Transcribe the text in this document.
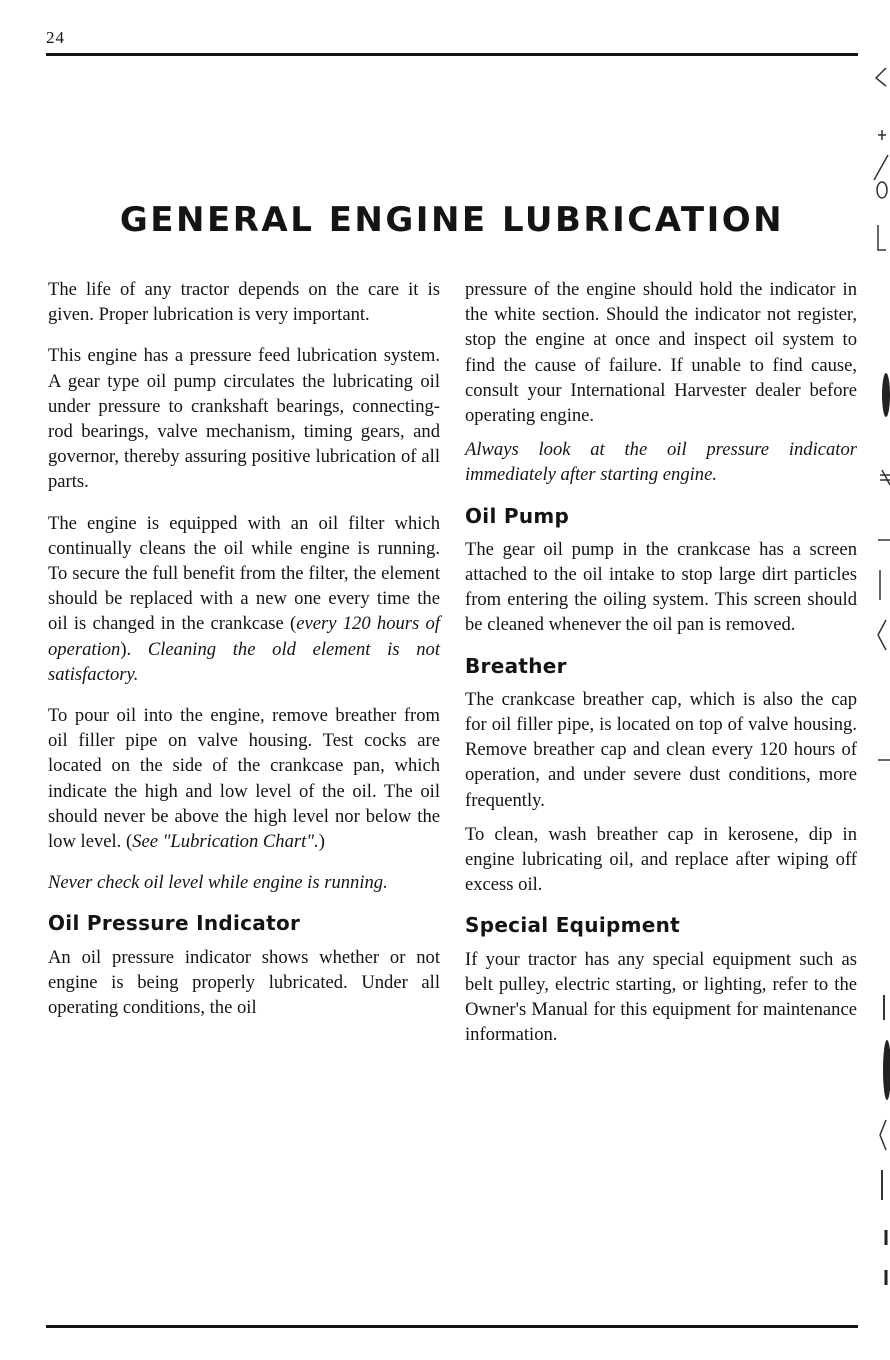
24
GENERAL ENGINE LUBRICATION

The life of any tractor depends on the care it is given. Proper lubrication is very important.

This engine has a pressure feed lubrication system. A gear type oil pump circulates the lubricating oil under pressure to crankshaft bearings, connecting-rod bearings, valve mechanism, timing gears, and governor, thereby assuring positive lubrication of all parts.

The engine is equipped with an oil filter which continually cleans the oil while engine is running. To secure the full benefit from the filter, the element should be replaced with a new one every time the oil is changed in the crankcase (every 120 hours of operation). Cleaning the old element is not satisfactory.

To pour oil into the engine, remove breather from oil filler pipe on valve housing. Test cocks are located on the side of the crankcase pan, which indicate the high and low level of the oil. The oil should never be above the high level nor below the low level. (See "Lubrication Chart".)

Never check oil level while engine is running.

Oil Pressure Indicator

An oil pressure indicator shows whether or not engine is being properly lubricated. Under all operating conditions, the oil

pressure of the engine should hold the indicator in the white section. Should the indicator not register, stop the engine at once and inspect oil system to find the cause of failure. If unable to find cause, consult your International Harvester dealer before operating engine.

Always look at the oil pressure indicator immediately after starting engine.

Oil Pump

The gear oil pump in the crankcase has a screen attached to the oil intake to stop large dirt particles from entering the oiling system. This screen should be cleaned whenever the oil pan is removed.

Breather

The crankcase breather cap, which is also the cap for oil filler pipe, is located on top of valve housing. Remove breather cap and clean every 120 hours of operation, and under severe dust conditions, more frequently.

To clean, wash breather cap in kerosene, dip in engine lubricating oil, and replace after wiping off excess oil.

Special Equipment

If your tractor has any special equipment such as belt pulley, electric starting, or lighting, refer to the Owner's Manual for this equipment for maintenance information.
